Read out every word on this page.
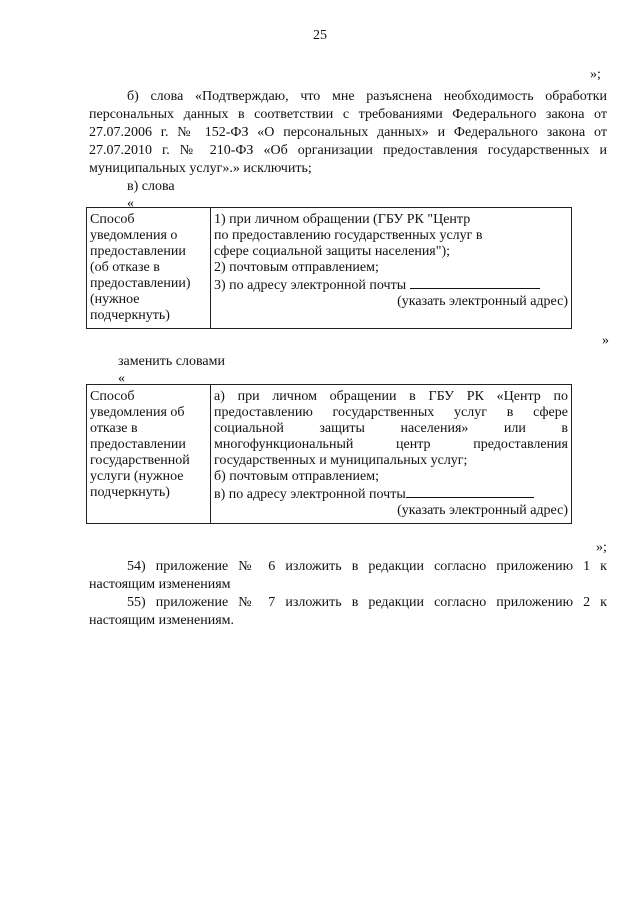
25
»;
б) слова «Подтверждаю, что мне разъяснена необходимость обработки
персональных данных в соответствии с требованиями Федерального закона от
27.07.2006 г. № 152-ФЗ «О персональных данных» и Федерального закона от
27.07.2010 г. № 210-ФЗ «Об организации предоставления государственных и
муниципальных услуг».» исключить;
в) слова
«
Способ уведомления о предоставлении (об отказе в предоставлении) (нужное подчеркнуть)	
1) при личном обращении (ГБУ РК "Центр
по предоставлению государственных услуг в
сфере социальной защиты населения");
2) почтовым отправлением;
3) по адресу электронной почты
(указать электронный адрес)
»
заменить словами
«
Способ уведомления об отказе в предоставлении государственной услуги (нужное подчеркнуть)	
а) при личном обращении в ГБУ РК «Центр по
предоставлению государственных услуг в сфере
социальной защиты населения» или в
многофункциональный центр предоставления
государственных и муниципальных услуг;
б) почтовым отправлением;
в) по адресу электронной почты
(указать электронный адрес)
»;
54) приложение № 6 изложить в редакции согласно приложению 1 к
настоящим изменениям
55) приложение № 7 изложить в редакции согласно приложению 2 к
настоящим изменениям.
